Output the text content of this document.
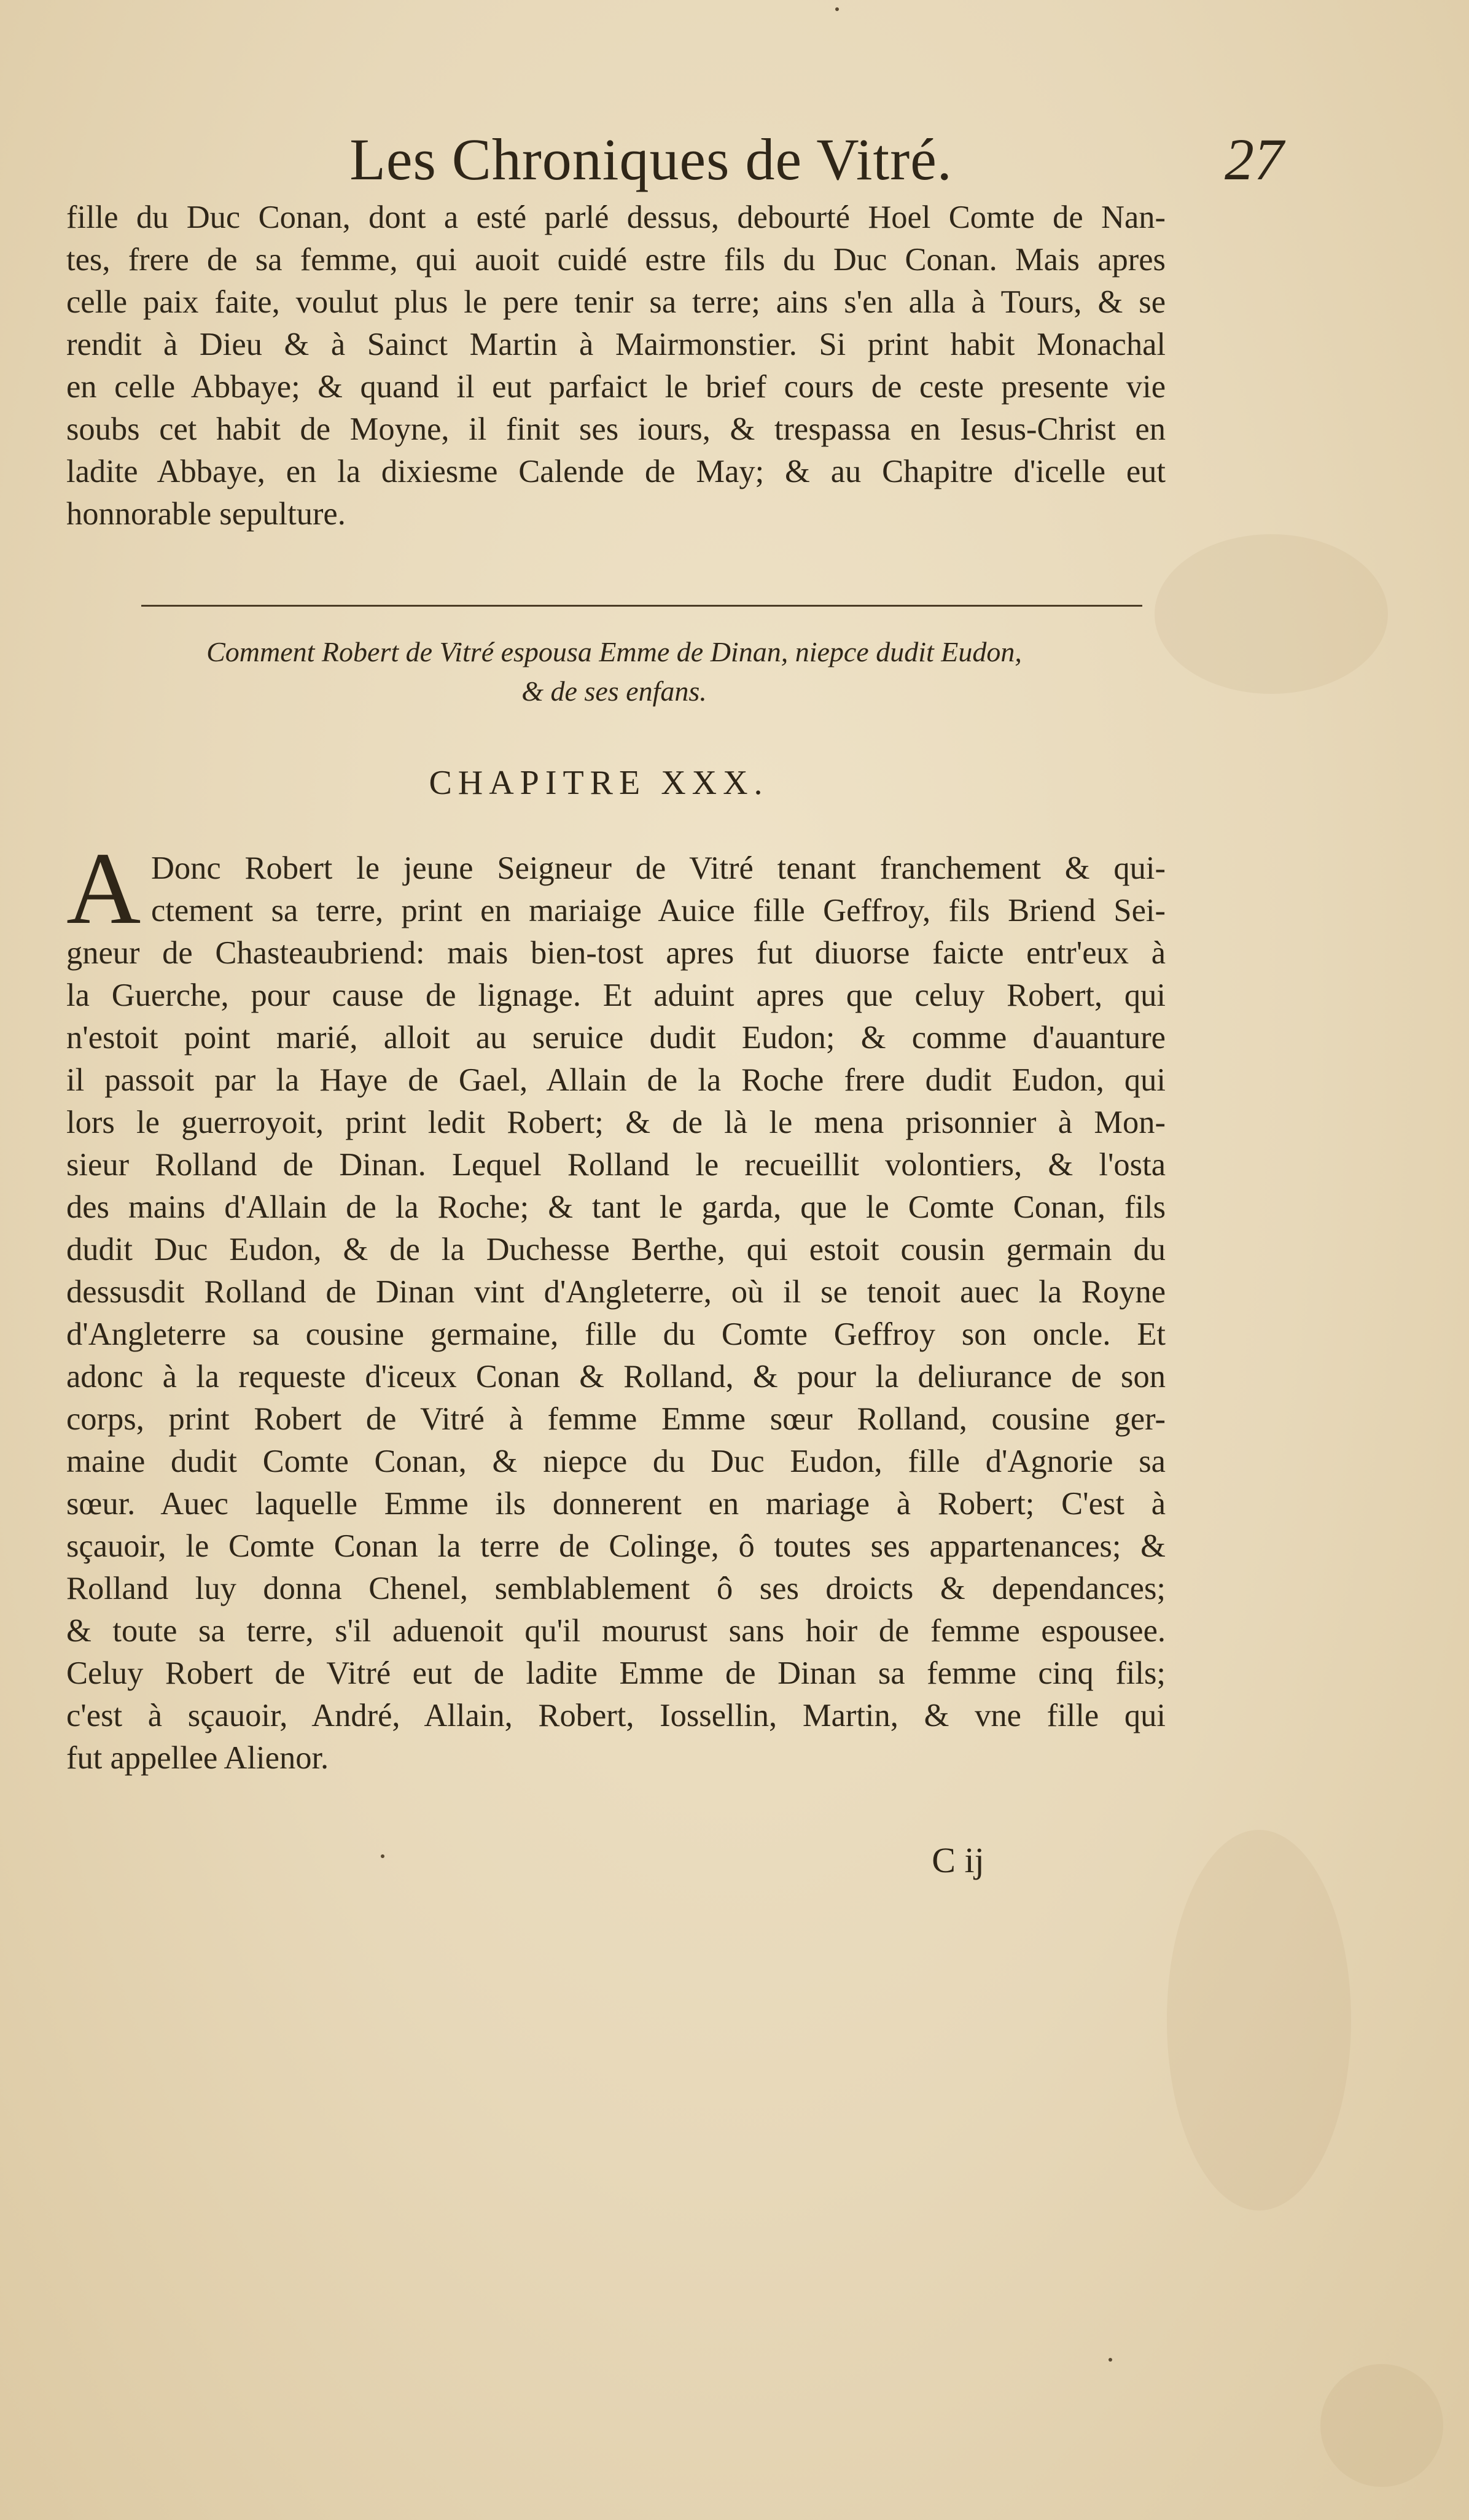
Les Chroniques de Vitré.	27
fille du Duc Conan, dont a esté parlé dessus, debourté Hoel Comte de Nan-
tes, frere de sa femme, qui auoit cuidé estre fils du Duc Conan. Mais apres
celle paix faite, voulut plus le pere tenir sa terre; ains s'en alla à Tours, & se
rendit à Dieu & à Sainct Martin à Mairmonstier. Si print habit Monachal
en celle Abbaye; & quand il eut parfaict le brief cours de ceste presente vie
soubs cet habit de Moyne, il finit ses iours, & trespassa en Iesus-Christ en
ladite Abbaye, en la dixiesme Calende de May; & au Chapitre d'icelle eut
honnorable sepulture.
Comment Robert de Vitré espousa Emme de Dinan, niepce dudit Eudon,
& de ses enfans.
CHAPITRE XXX.
A Donc Robert le jeune Seigneur de Vitré tenant franchement & qui-
ctement sa terre, print en mariaige Auice fille Geffroy, fils Briend Sei-
gneur de Chasteaubriend: mais bien-tost apres fut diuorse faicte entr'eux à
la Guerche, pour cause de lignage. Et aduint apres que celuy Robert, qui
n'estoit point marié, alloit au seruice dudit Eudon; & comme d'auanture
il passoit par la Haye de Gael, Allain de la Roche frere dudit Eudon, qui
lors le guerroyoit, print ledit Robert; & de là le mena prisonnier à Mon-
sieur Rolland de Dinan. Lequel Rolland le recueillit volontiers, & l'osta
des mains d'Allain de la Roche; & tant le garda, que le Comte Conan, fils
dudit Duc Eudon, & de la Duchesse Berthe, qui estoit cousin germain du
dessusdit Rolland de Dinan vint d'Angleterre, où il se tenoit auec la Royne
d'Angleterre sa cousine germaine, fille du Comte Geffroy son oncle. Et
adonc à la requeste d'iceux Conan & Rolland, & pour la deliurance de son
corps, print Robert de Vitré à femme Emme sœur Rolland, cousine ger-
maine dudit Comte Conan, & niepce du Duc Eudon, fille d'Agnorie sa
sœur. Auec laquelle Emme ils donnerent en mariage à Robert; C'est à
sçauoir, le Comte Conan la terre de Colinge, ô toutes ses appartenances; &
Rolland luy donna Chenel, semblablement ô ses droicts & dependances;
& toute sa terre, s'il aduenoit qu'il mourust sans hoir de femme espousee.
Celuy Robert de Vitré eut de ladite Emme de Dinan sa femme cinq fils;
c'est à sçauoir, André, Allain, Robert, Iossellin, Martin, & vne fille qui
fut appellee Alienor.
C ij
